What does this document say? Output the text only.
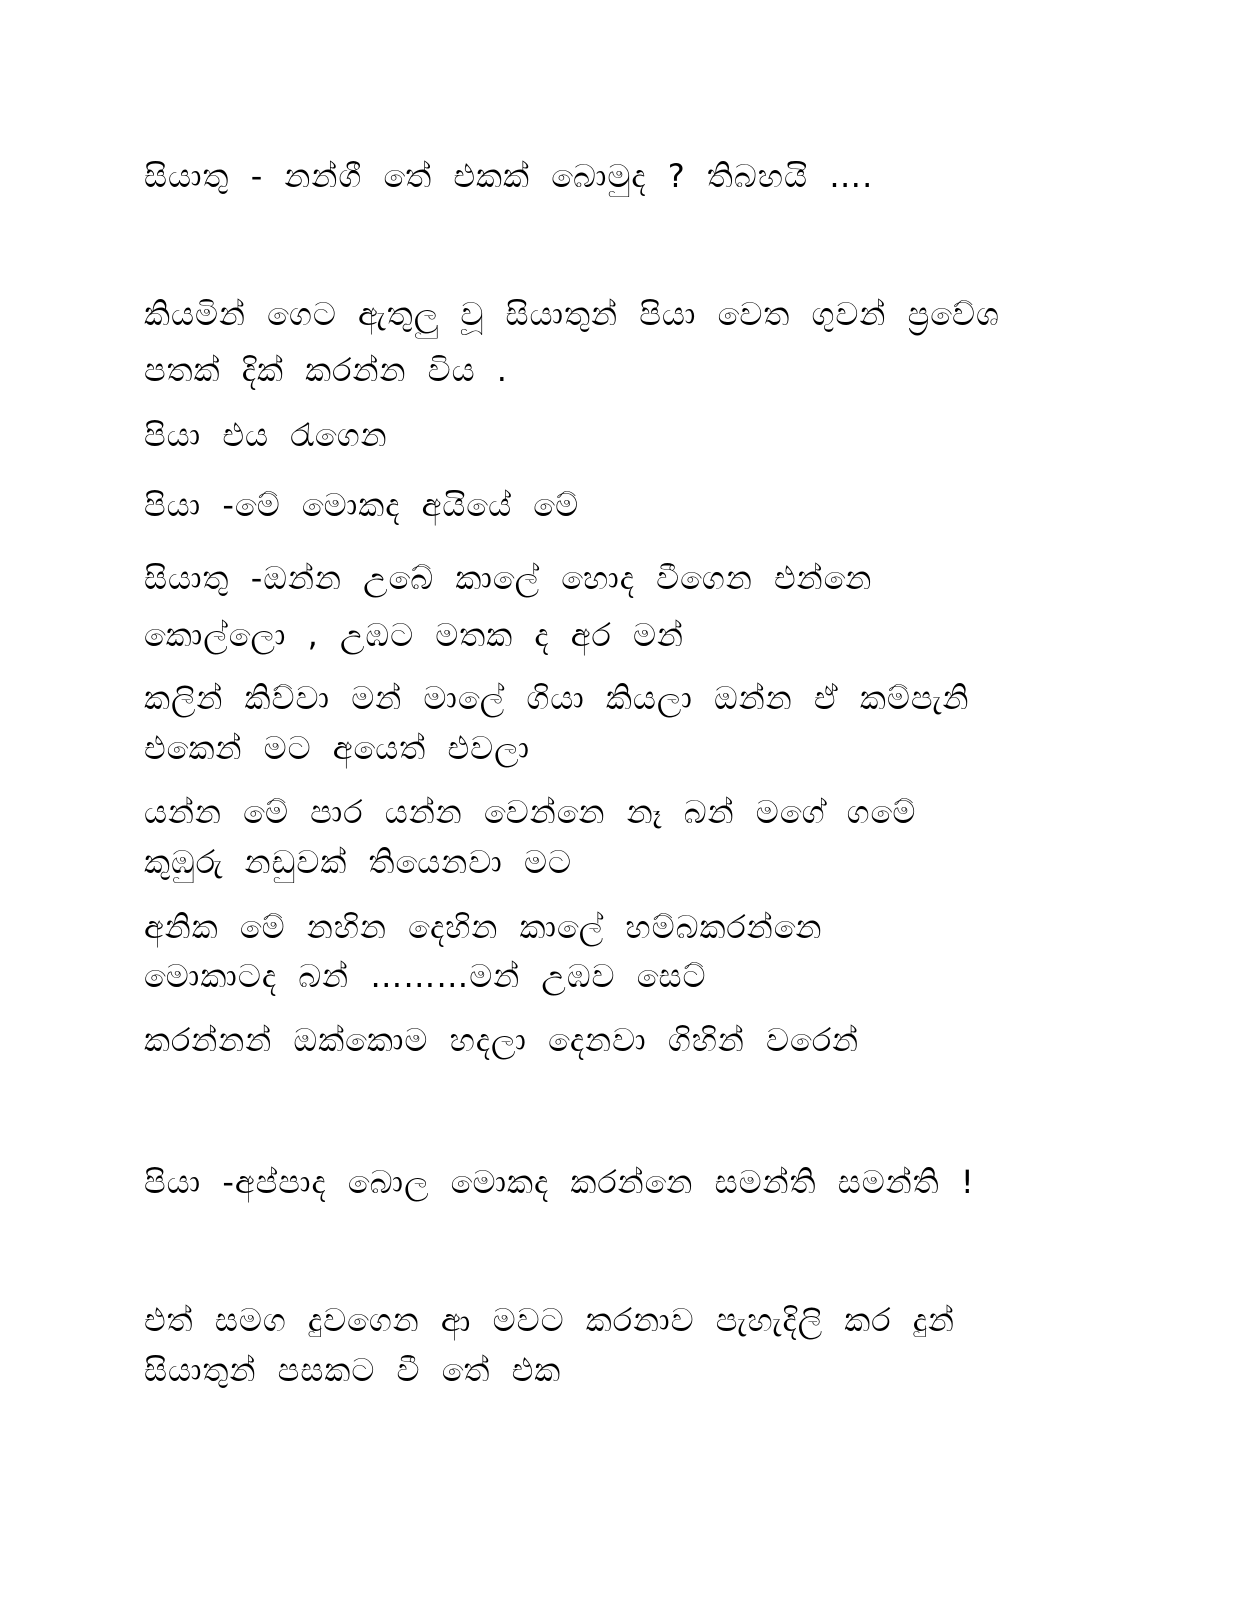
සියාතු - නන්ගී තේ එකක් බොමුද ? තිබහයි ….
කියමින් ගෙට ඇතුලු වූ සියාතුන් පියා වෙත ගුවන් ප්‍රවේශ
පතක් දික් කරන්න විය .
පියා එය රැගෙන
පියා -මේ මොකද අයියේ මේ
සියාතු -ඔන්න උබේ කාලේ හොද වීගෙන එන්නෙ
කොල්ලො , උඹට මතක ද අර මන්
කලින් කිව්වා මන් මාලේ ගියා කියලා ඔන්න ඒ කම්පැනි
එකෙන් මට අයෙත් එවලා
යන්න මේ පාර යන්න වෙන්නෙ නෑ බන් මගේ ගමේ
කුඹුරු නඩුවක් තියෙනවා මට
අනික මේ නහින දෙහින කාලේ හම්බකරන්නෙ
මොකාටද බන් ………මන් උඹව සෙට්
කරන්නන් ඔක්කොම හදලා දෙනවා ගිහින් වරෙන්
පියා -අප්පාද බොල මොකද කරන්නෙ සමන්ති සමන්ති !
එත් සමග දුවගෙන ආ මවට කරනාව පැහැදිලි කර දුන්
සියාතුන් පසකට වී තේ එක
